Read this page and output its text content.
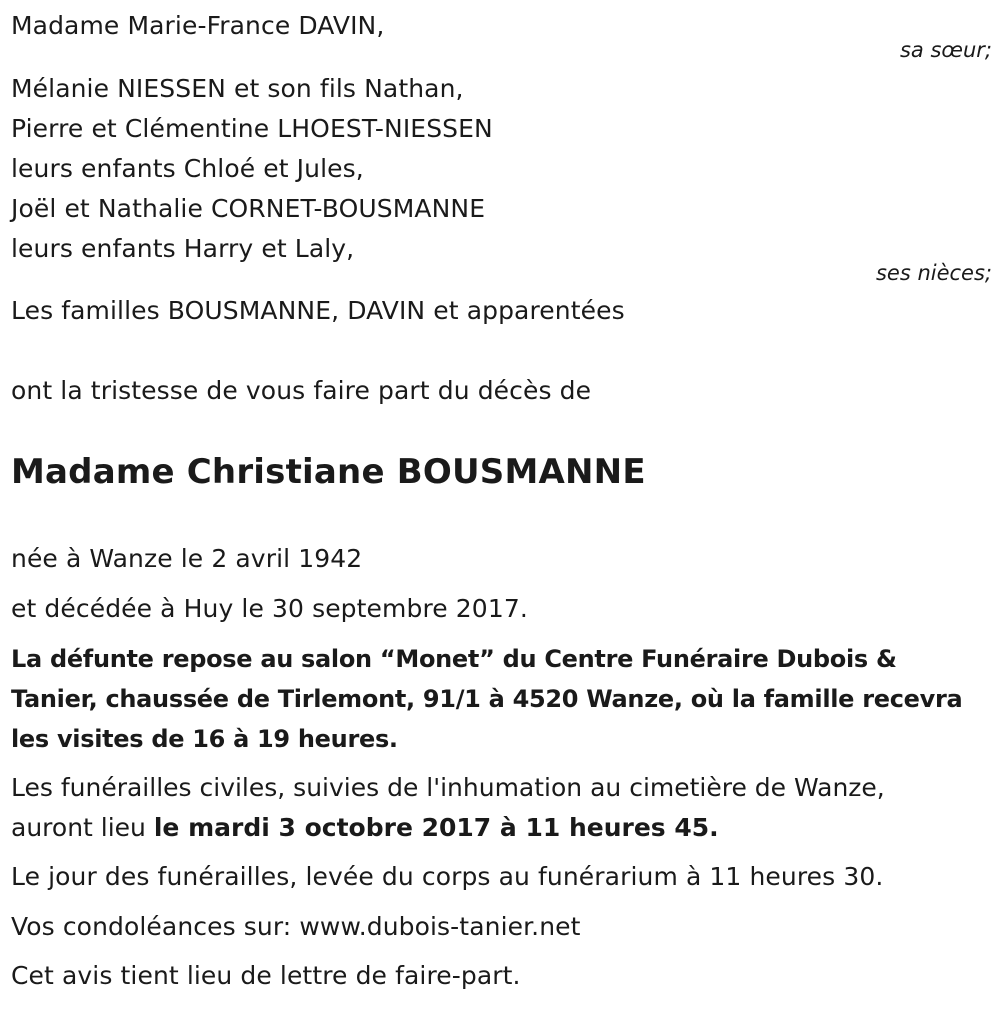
Madame Marie-France DAVIN,
sa sœur;
Mélanie NIESSEN et son fils Nathan,
Pierre et Clémentine LHOEST-NIESSEN
leurs enfants Chloé et Jules,
Joël et Nathalie CORNET-BOUSMANNE
leurs enfants Harry et Laly,
ses nièces;
Les familles BOUSMANNE, DAVIN et apparentées
ont la tristesse de vous faire part du décès de
Madame Christiane BOUSMANNE
née à Wanze le 2 avril 1942
et décédée à Huy le 30 septembre 2017.
La défunte repose au salon “Monet” du Centre Funéraire Dubois &
Tanier, chaussée de Tirlemont, 91/1 à 4520 Wanze, où la famille recevra
les visites de 16 à 19 heures.
Les funérailles civiles, suivies de l'inhumation au cimetière de Wanze,
auront lieu le mardi 3 octobre 2017 à 11 heures 45.
Le jour des funérailles, levée du corps au funérarium à 11 heures 30.
Vos condoléances sur: www.dubois-tanier.net
Cet avis tient lieu de lettre de faire-part.
